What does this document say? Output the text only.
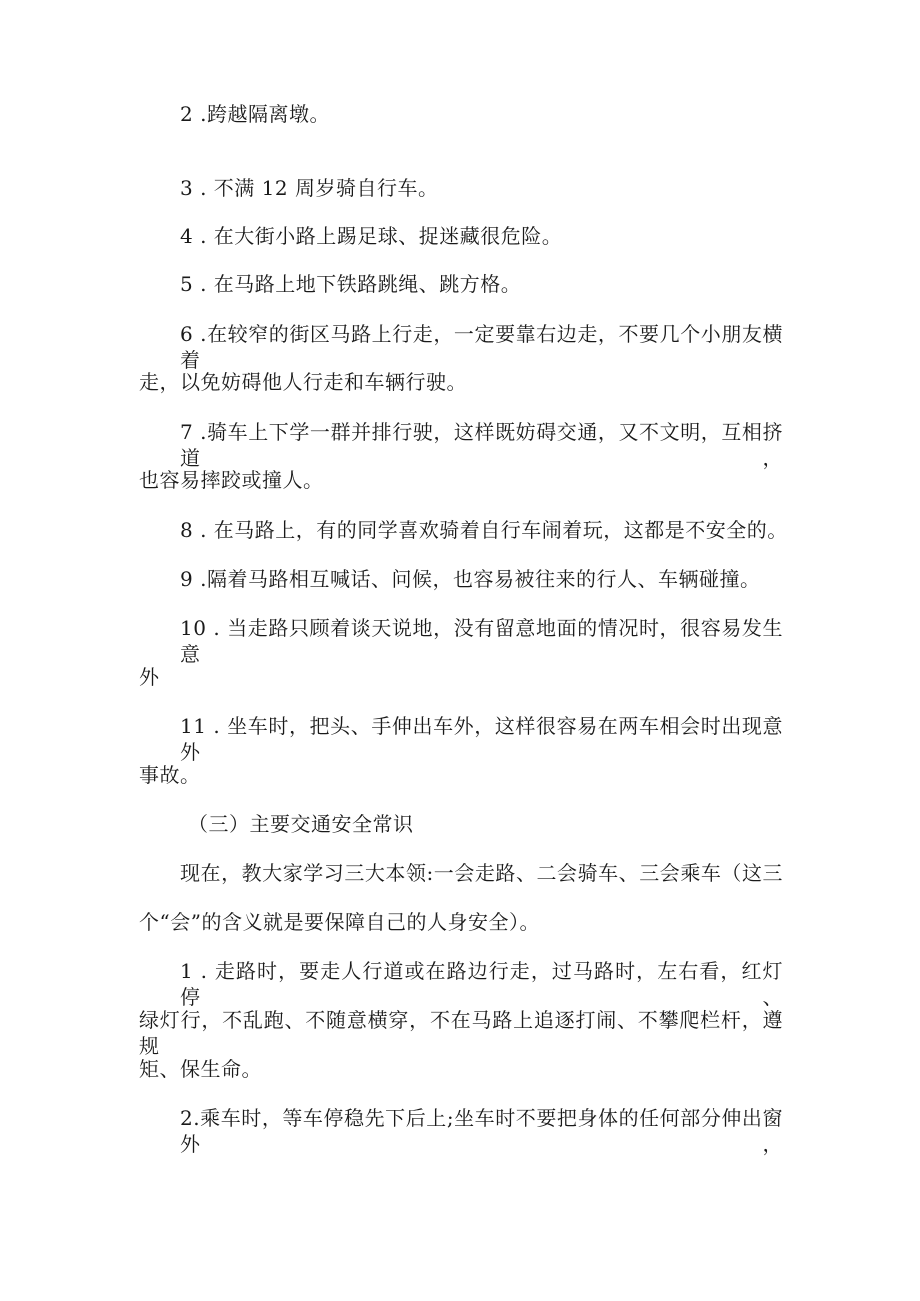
2 .跨越隔离墩。
3 . 不满 12 周岁骑自行车。
4 . 在大街小路上踢足球、捉迷藏很危险。
5 . 在马路上地下铁路跳绳、跳方格。
6 .在较窄的街区马路上行走，一定要靠右边走，不要几个小朋友横着
走，以免妨碍他人行走和车辆行驶。
7 .骑车上下学一群并排行驶，这样既妨碍交通，又不文明，互相挤道，
也容易摔跤或撞人。
8 . 在马路上，有的同学喜欢骑着自行车闹着玩，这都是不安全的。
9 .隔着马路相互喊话、问候，也容易被往来的行人、车辆碰撞。
10 . 当走路只顾着谈天说地，没有留意地面的情况时，很容易发生意
外
11 . 坐车时，把头、手伸出车外，这样很容易在两车相会时出现意外
事故。
（三）主要交通安全常识
现在，教大家学习三大本领:一会走路、二会骑车、三会乘车（这三
个“会”的含义就是要保障自己的人身安全）。
1 . 走路时，要走人行道或在路边行走，过马路时，左右看，红灯停、
绿灯行，不乱跑、不随意横穿，不在马路上追逐打闹、不攀爬栏杆，遵规
矩、保生命。
2.乘车时，等车停稳先下后上;坐车时不要把身体的任何部分伸出窗外，
